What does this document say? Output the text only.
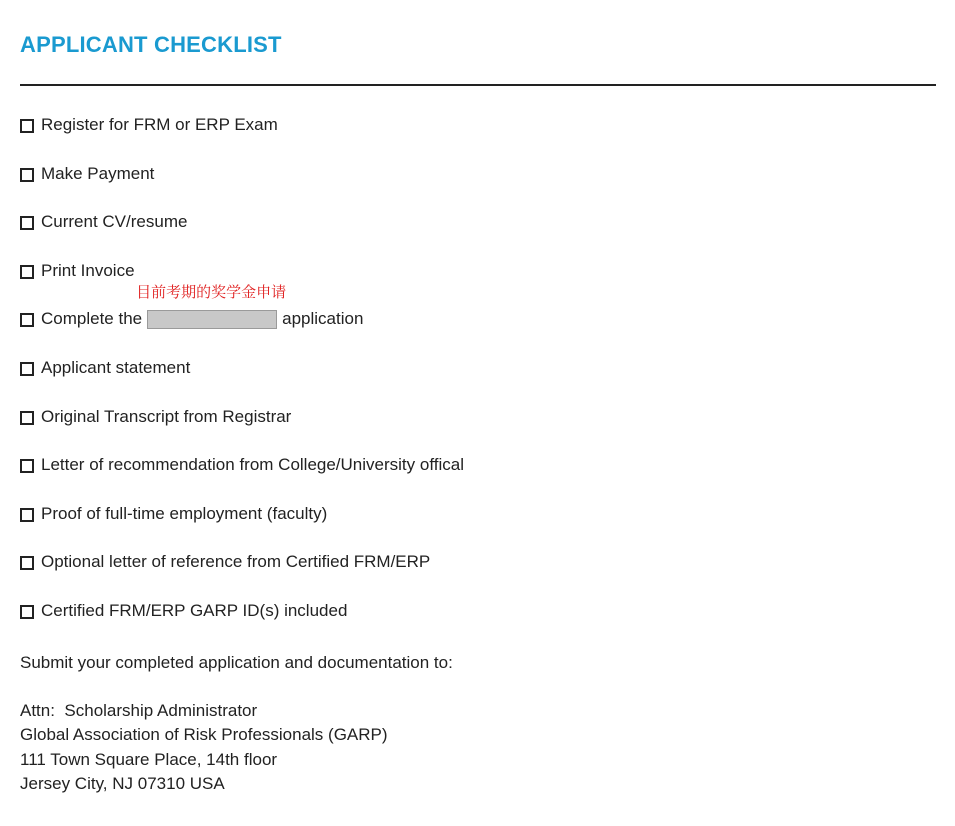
APPLICANT CHECKLIST
Register for FRM or ERP Exam
Make Payment
Current CV/resume
Print Invoice
Complete the
目前考期的奖学金申请
application
Applicant statement
Original Transcript from Registrar
Letter of recommendation from College/University offical
Proof of full-time employment (faculty)
Optional letter of reference from Certified FRM/ERP
Certified FRM/ERP GARP ID(s) included

Submit your completed application and documentation to:

Attn:  Scholarship Administrator
Global Association of Risk Professionals (GARP)
111 Town Square Place, 14th floor
Jersey City, NJ 07310 USA
